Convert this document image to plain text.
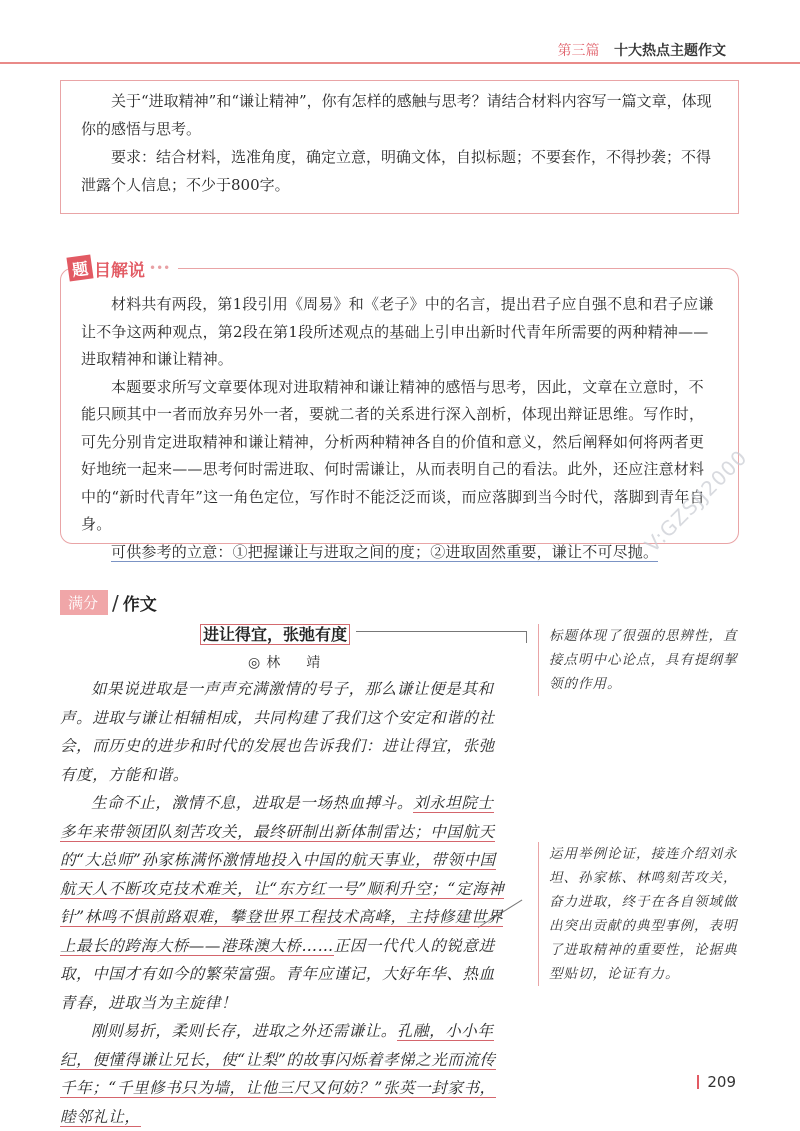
第三篇 十大热点主题作文

关于“进取精神”和“谦让精神”，你有怎样的感触与思考？请结合材料内容写一篇文章，体现你的感悟与思考。

要求：结合材料，选准角度，确定立意，明确文体，自拟标题；不要套作，不得抄袭；不得泄露个人信息；不少于800字。

材料共有两段，第1段引用《周易》和《老子》中的名言，提出君子应自强不息和君子应谦让不争这两种观点，第2段在第1段所述观点的基础上引申出新时代青年所需要的两种精神——进取精神和谦让精神。

本题要求所写文章要体现对进取精神和谦让精神的感悟与思考，因此，文章在立意时，不能只顾其中一者而放弃另外一者，要就二者的关系进行深入剖析，体现出辩证思维。写作时，可先分别肯定进取精神和谦让精神，分析两种精神各自的价值和意义，然后阐释如何将两者更好地统一起来——思考何时需进取、何时需谦让，从而表明自己的看法。此外，还应注意材料中的“新时代青年”这一角色定位，写作时不能泛泛而谈，而应落脚到当今时代，落脚到青年自身。

可供参考的立意：①把握谦让与进取之间的度；②进取固然重要，谦让不可尽抛。

题 目解说 •••
V:GZSJJ2000
满分 / 作文
进让得宜，张弛有度
◎林　靖

如果说进取是一声声充满激情的号子，那么谦让便是其和声。进取与谦让相辅相成，共同构建了我们这个安定和谐的社会，而历史的进步和时代的发展也告诉我们：进让得宜，张弛有度，方能和谐。

生命不止，激情不息，进取是一场热血搏斗。刘永坦院士多年来带领团队刻苦攻关，最终研制出新体制雷达；中国航天的“大总师”孙家栋满怀激情地投入中国的航天事业，带领中国航天人不断攻克技术难关，让“东方红一号”顺利升空；“定海神针”林鸣不惧前路艰难，攀登世界工程技术高峰，主持修建世界上最长的跨海大桥——港珠澳大桥……正因一代代人的锐意进取，中国才有如今的繁荣富强。青年应谨记，大好年华、热血青春，进取当为主旋律！

刚则易折，柔则长存，进取之外还需谦让。孔融，小小年纪，便懂得谦让兄长，使“让梨”的故事闪烁着孝悌之光而流传千年；“千里修书只为墙，让他三尺又何妨？”张英一封家书，睦邻礼让，

标题体现了很强的思辨性，直接点明中心论点，具有提纲挈领的作用。
运用举例论证，接连介绍刘永坦、孙家栋、林鸣刻苦攻关，奋力进取，终于在各自领域做出突出贡献的典型事例，表明了进取精神的重要性，论据典型贴切，论证有力。
209
